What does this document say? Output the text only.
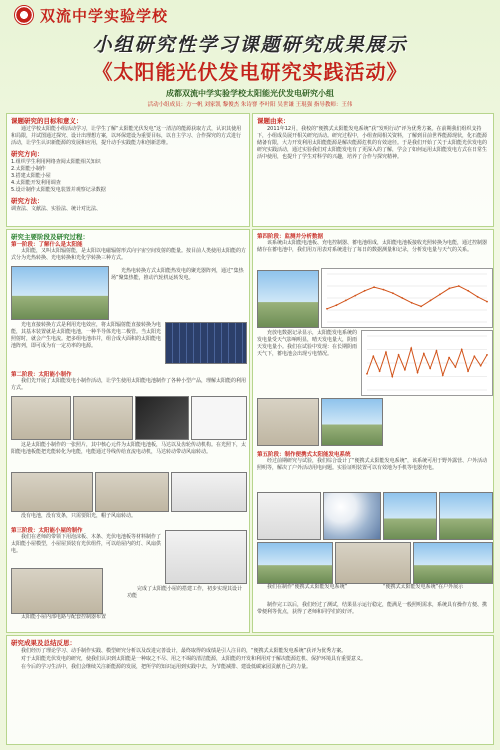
双流中学实验学校
小组研究性学习课题研究成果展示
《太阳能光伏发电研究实践活动》
成都双流中学实验学校太阳能光伏发电研究小组
活动小组成员：方一帆 刘家凯 黎俊杰 朱诗謇 李叶阳 吴世谦 王琨强 指导教师：王伟
课题研究的目标和意义：

通过学校太阳能小组活动学习，让学生了解“太阳能光伏发电”这一清洁的能源获取方式，认识其使用和局限，并试图通过探究、设计出理想方案，以环保建设为重要目标，以自主学习、合作探究的方式进行活动，让学生认识新能源的发展和应用，提升动手实践能力和创新思维。

研究方向：
1.组织学生利用网络查阅太阳能相关知识
2.太阳能小制作
3.搭建太阳能小屋
4.太阳能开发利用调查
5.设计制作太阳能发电装置并观察记录数据
研究方法：
调查法、文献法、实验法、统计对比法、
课题由来：

2011年12月，我校的“便携式太阳能发电系统”获“发明行动”评为优秀方案。在前期我们组织支持下，小组成员展开相关研究活动。研究过程中，小组查阅相关资料，了解到目前世界能源现状，化石能源储备有限，大力开发利用太阳能能源是解决能源危机的有效途径。于是我们开始了关于太阳能光伏发电的研究实践活动，通过实验我们对太阳能发电有了更深入的了解，学会了如何运用太阳能发电方式在日常生活中使用，也提升了学生对科学的兴趣，培养了合作与探究精神。

研究主要阶段及研究过程：
第一阶段：了解什么是太阳能

太阳能，又叫太阳辐射能，是太阳以电磁辐射形式向宇宙空间发射的能量。按目前人类使用太阳能的方式分为光热转换、光电转换和光化学转换三种方式。

光热电转换方式太阳能热发电的聚光器阵列，通过“集热场”聚集热能，推动汽轮机运转发电。

光电直接转换方式是利用光电效应，将太阳辐射能直接转换为电能，其基本装置就是太阳能电池，一种半导体光电二极管。当太阳光照射时，就会产生电流。把多组电池串并，组合成大面积的太阳能电池阵列，即可成为有一定功率的电源。

第二阶段：太阳能小制作

我们先开展了太阳能发电小制作活动，让学生使用太阳能电池制作了各种小型产品，理解太阳能的利用方式。

这是太阳能小制作的一张照片，其中核心元件为太阳能电池板，马达以及齿轮传动机构。在光照下，太阳能电池板能把光能转化为电能，电能通过导线传给直流电动机，马达转动带动风扇转动。

没有电池，没有发条，只需要阳光，帽子风扇转动。

第三阶段：太阳能小屋的制作

我们在老师的带领下用泡沫板、木条、光伏电池板等材料制作了太阳能小屋模型，小屋屋顶装有光伏组件，可以给屋内的灯、风扇供电。

太阳能小屋内部电路与配套控制器布置

完成了太阳能小屋的搭建工作，初步实现其设计功能

第四阶段：监测并分析数据

该系统由太阳能电池板、充电控制器、蓄电池组成，太阳能电池板接收光照转换为电能，通过控制器储存在蓄电池中，我们用万用表对系统进行了每日的数据测量和记录，分析发电量与天气的关系。

充放电数据记录显示，太阳能发电系统的发电量受天气影响明显，晴天发电量大，阴雨天发电量小。我们在试验中发现：在长期阴雨天气下，蓄电池会出现亏电情况。

第五阶段：制作便携式太阳能发电系统

经过前期研究与试验，我们综合设计了“便携式太阳能发电系统”，该系统可用于野外露营、户外活动照明等，解决了户外活动用电问题。实验证明装置可以有效地为手机等电器充电。

我们在制作“便携式太阳能发电系统”	“便携式太阳能发电系统”在户外展示

制作完工以后，我们经过了测试，结果显示运行稳定，能满足一般照明需求，系统具有操作方便、携带便利等优点，获得了老师和同学们的好评。

研究成果及总结反思：

我们经历了理论学习、动手制作实践、模型研究分析以及改进完善设计，最终取得的成绩是引人注目的，“便携式太阳能发电系统”获评为优秀方案。

对于太阳能光伏发电的研究，使我们认识到太阳能是一种取之不尽、用之不竭的清洁能源，太阳能的开发和利用对于解决能源危机、保护环境具有重要意义。

在今后的学习生活中，我们会继续关注新能源的发展，把所学的知识运用到实践中去，为节能减排、建设低碳家园贡献自己的力量。
